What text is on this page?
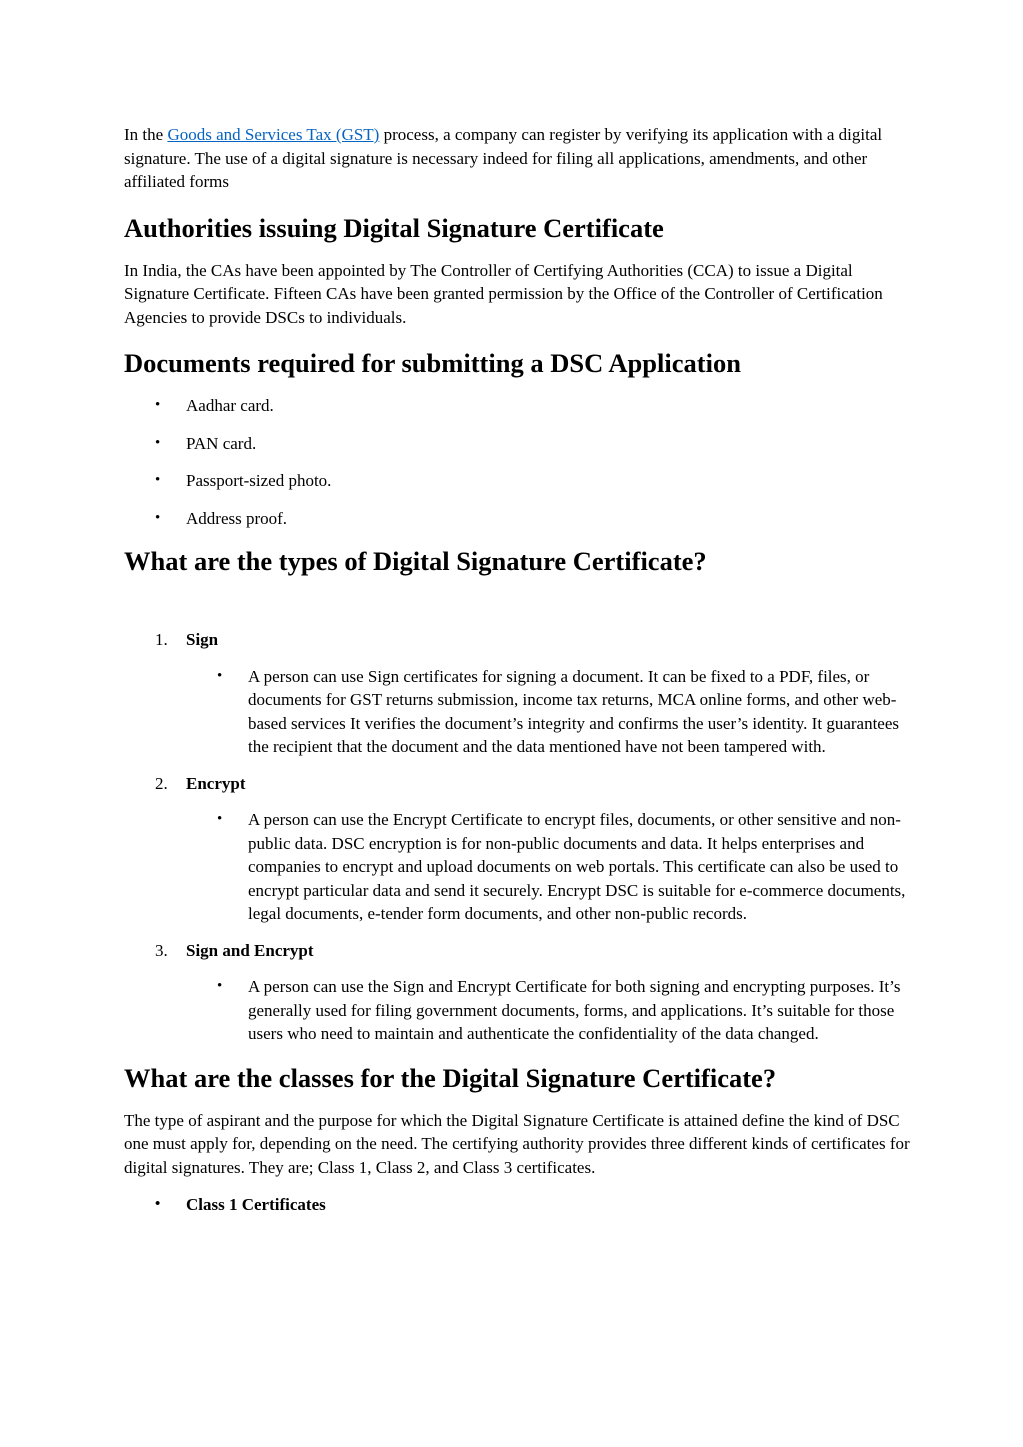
In the Goods and Services Tax (GST) process, a company can register by verifying its application with a digital signature. The use of a digital signature is necessary indeed for filing all applications, amendments, and other affiliated forms

Authorities issuing Digital Signature Certificate

In India, the CAs have been appointed by The Controller of Certifying Authorities (CCA) to issue a Digital Signature Certificate. Fifteen CAs have been granted permission by the Office of the Controller of Certification Agencies to provide DSCs to individuals.

Documents required for submitting a DSC Application
• Aadhar card.
• PAN card.
• Passport-sized photo.
• Address proof.
What are the types of Digital Signature Certificate?
1. Sign
• A person can use Sign certificates for signing a document. It can be fixed to a PDF, files, or documents for GST returns submission, income tax returns, MCA online forms, and other web-based services It verifies the document’s integrity and confirms the user’s identity. It guarantees the recipient that the document and the data mentioned have not been tampered with.
2. Encrypt
• A person can use the Encrypt Certificate to encrypt files, documents, or other sensitive and non-public data. DSC encryption is for non-public documents and data. It helps enterprises and companies to encrypt and upload documents on web portals. This certificate can also be used to encrypt particular data and send it securely. Encrypt DSC is suitable for e-commerce documents, legal documents, e-tender form documents, and other non-public records.
3. Sign and Encrypt
• A person can use the Sign and Encrypt Certificate for both signing and encrypting purposes. It’s generally used for filing government documents, forms, and applications. It’s suitable for those users who need to maintain and authenticate the confidentiality of the data changed.
What are the classes for the Digital Signature Certificate?

The type of aspirant and the purpose for which the Digital Signature Certificate is attained define the kind of DSC one must apply for, depending on the need. The certifying authority provides three different kinds of certificates for digital signatures. They are; Class 1, Class 2, and Class 3 certificates.

• Class 1 Certificates
